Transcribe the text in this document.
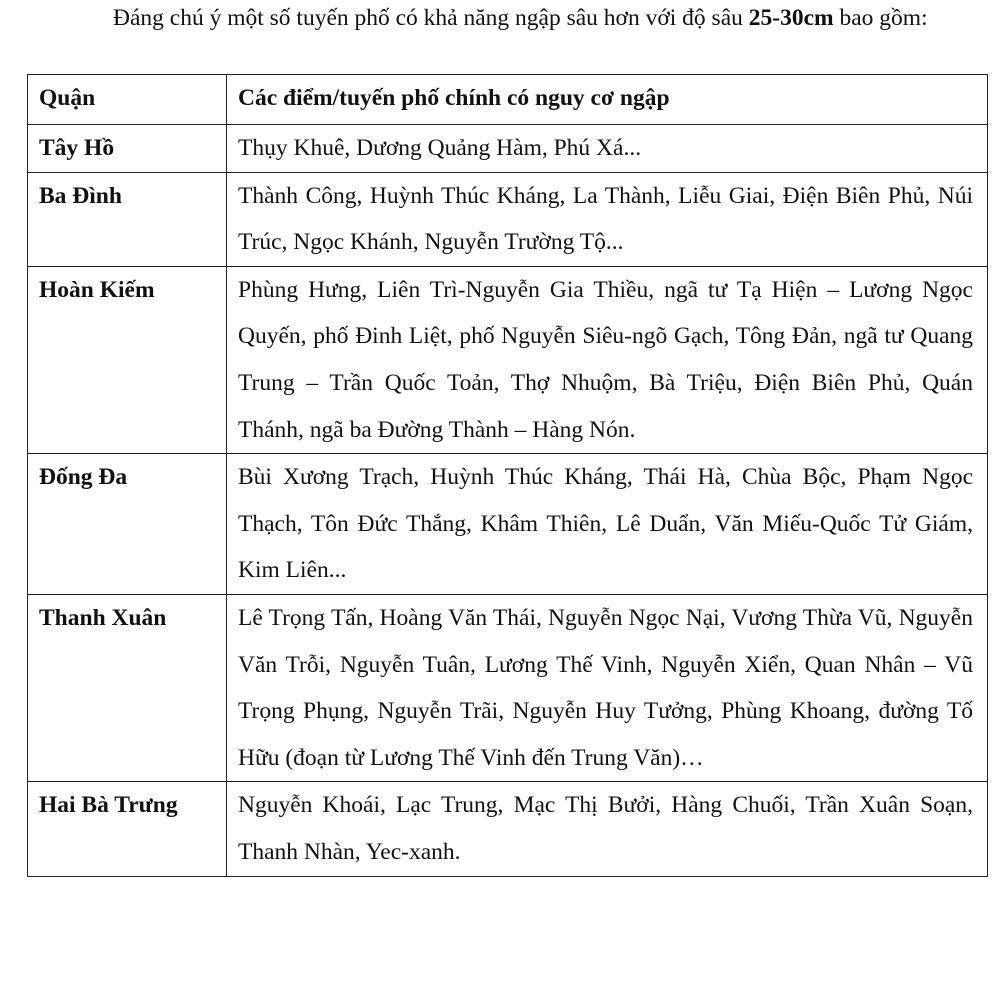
Đáng chú ý một số tuyến phố có khả năng ngập sâu hơn với độ sâu 25-30cm bao gồm:

Quận	Các điểm/tuyến phố chính có nguy cơ ngập
Tây Hồ	Thụy Khuê, Dương Quảng Hàm, Phú Xá...
Ba Đình	Thành Công, Huỳnh Thúc Kháng, La Thành, Liễu Giai, Điện Biên Phủ, Núi Trúc, Ngọc Khánh, Nguyễn Trường Tộ...
Hoàn Kiếm	Phùng Hưng, Liên Trì-Nguyễn Gia Thiều, ngã tư Tạ Hiện – Lương Ngọc Quyến, phố Đinh Liệt, phố Nguyễn Siêu-ngõ Gạch, Tông Đản, ngã tư Quang Trung – Trần Quốc Toản, Thợ Nhuộm, Bà Triệu, Điện Biên Phủ, Quán Thánh, ngã ba Đường Thành – Hàng Nón.
Đống Đa	Bùi Xương Trạch, Huỳnh Thúc Kháng, Thái Hà, Chùa Bộc, Phạm Ngọc Thạch, Tôn Đức Thắng, Khâm Thiên, Lê Duẩn, Văn Miếu-Quốc Tử Giám, Kim Liên...
Thanh Xuân	Lê Trọng Tấn, Hoàng Văn Thái, Nguyễn Ngọc Nại, Vương Thừa Vũ, Nguyễn Văn Trỗi, Nguyễn Tuân, Lương Thế Vinh, Nguyễn Xiển, Quan Nhân – Vũ Trọng Phụng, Nguyễn Trãi, Nguyễn Huy Tưởng, Phùng Khoang, đường Tố Hữu (đoạn từ Lương Thế Vinh đến Trung Văn)…
Hai Bà Trưng	Nguyễn Khoái, Lạc Trung, Mạc Thị Bưởi, Hàng Chuối, Trần Xuân Soạn, Thanh Nhàn, Yec-xanh.
